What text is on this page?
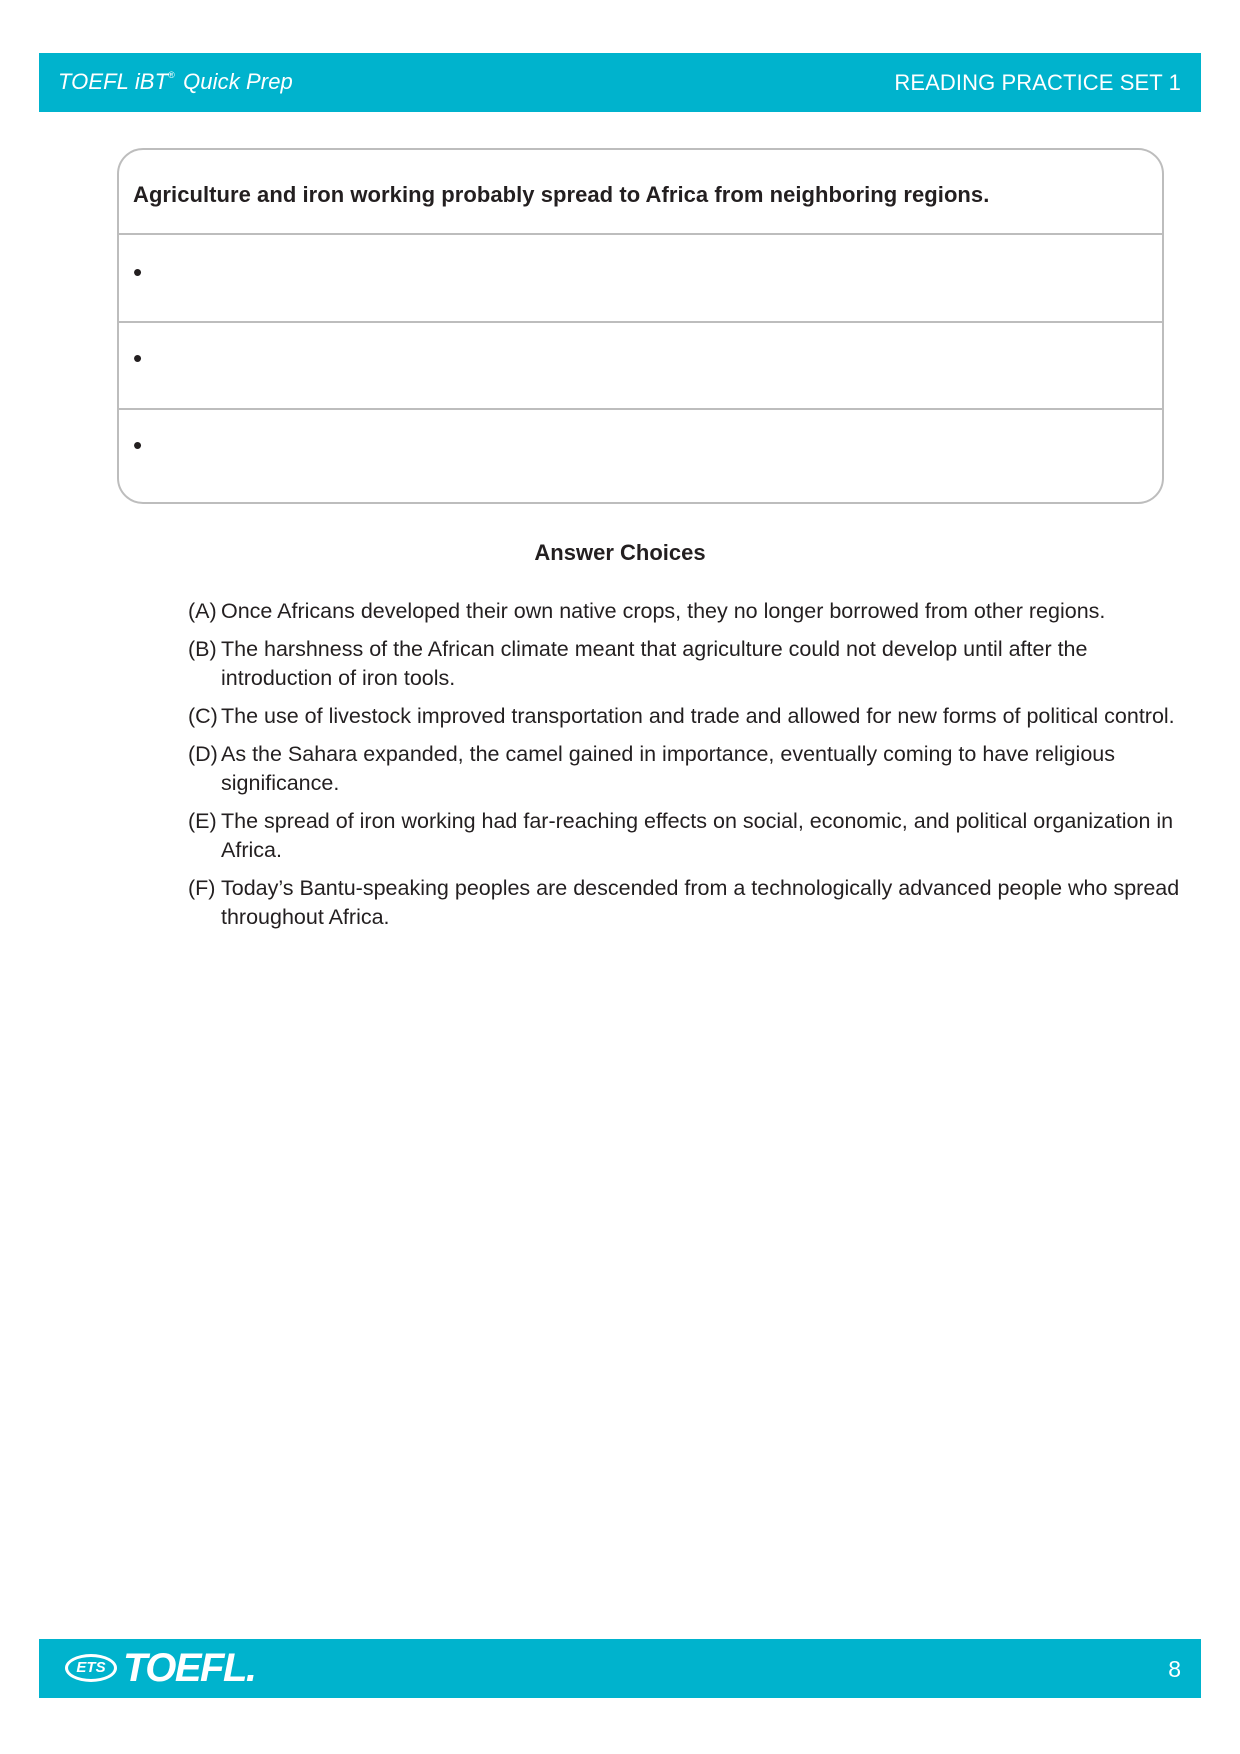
TOEFL iBT® Quick Prep	READING PRACTICE SET 1
Agriculture and iron working probably spread to Africa from neighboring regions.
•
•
•
Answer Choices
(A) Once Africans developed their own native crops, they no longer borrowed from other regions.
(B) The harshness of the African climate meant that agriculture could not develop until after the introduction of iron tools.
(C) The use of livestock improved transportation and trade and allowed for new forms of political control.
(D) As the Sahara expanded, the camel gained in importance, eventually coming to have religious significance.
(E) The spread of iron working had far-reaching effects on social, economic, and political organization in Africa.
(F) Today’s Bantu-speaking peoples are descended from a technologically advanced people who spread throughout Africa.
ETS TOEFL.	8
